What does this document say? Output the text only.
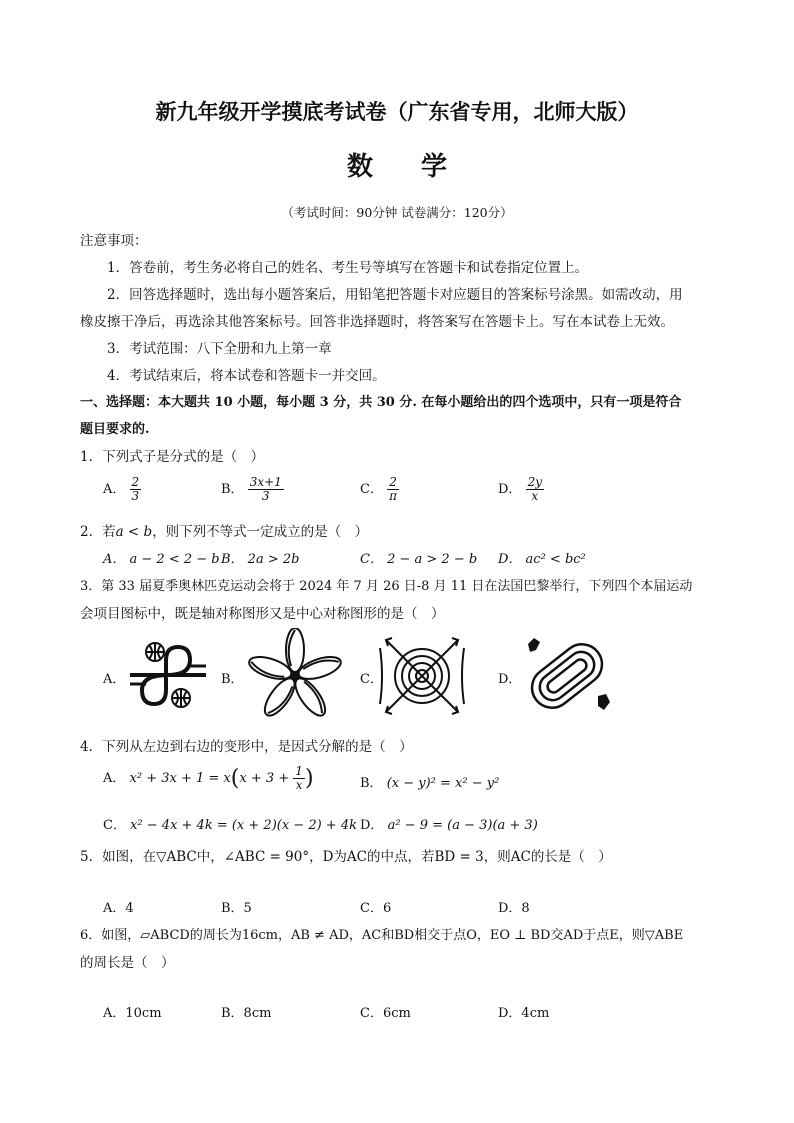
新九年级开学摸底考试卷（广东省专用，北师大版）
数学
（考试时间：90分钟 试卷满分：120分）
注意事项：
1．答卷前，考生务必将自己的姓名、考生号等填写在答题卡和试卷指定位置上。
2．回答选择题时，选出每小题答案后，用铅笔把答题卡对应题目的答案标号涂黑。如需改动，用
橡皮擦干净后，再选涂其他答案标号。回答非选择题时，将答案写在答题卡上。写在本试卷上无效。
3．考试范围：八下全册和九上第一章
4．考试结束后，将本试卷和答题卡一并交回。
一、选择题：本大题共 10 小题，每小题 3 分，共 30 分. 在每小题给出的四个选项中，只有一项是符合
题目要求的.
1．下列式子是分式的是（　）
A． $\frac{2}{3}$	B． $\frac{3x+1}{3}$	C． $\frac{2}{\pi}$	D． $\frac{2y}{x}$
2．若a < b，则下列不等式一定成立的是（　）
A． a − 2 < 2 − b B． 2a > 2b	C． 2 − a > 2 − b D． ac² < bc²
3．第 33 届夏季奥林匹克运动会将于 2024 年 7 月 26 日-8 月 11 日在法国巴黎举行，下列四个本届运动
会项目图标中，既是轴对称图形又是中心对称图形的是（　）
A．	B．	C．	D．
4．下列从左边到右边的变形中，是因式分解的是（　）
A． $x^2 + 3x + 1 = x(x + 3 + \frac{1}{x}$ )	B． (x − y)² = x² − y²
C． x² − 4x + 4k = (x + 2)(x − 2) + 4k D． a² − 9 = (a − 3)(a + 3)
5．如图，在▽ABC中，∠ABC = 90°，D为AC的中点，若BD = 3，则AC的长是（　）
A．4	B．5	C．6	D．8
6．如图，▱ABCD的周长为16cm，AB ≠ AD，AC和BD相交于点O，EO ⊥ BD交AD于点E，则▽ABE
的周长是（　）
A．10cm	B．8cm	C．6cm	D．4cm
